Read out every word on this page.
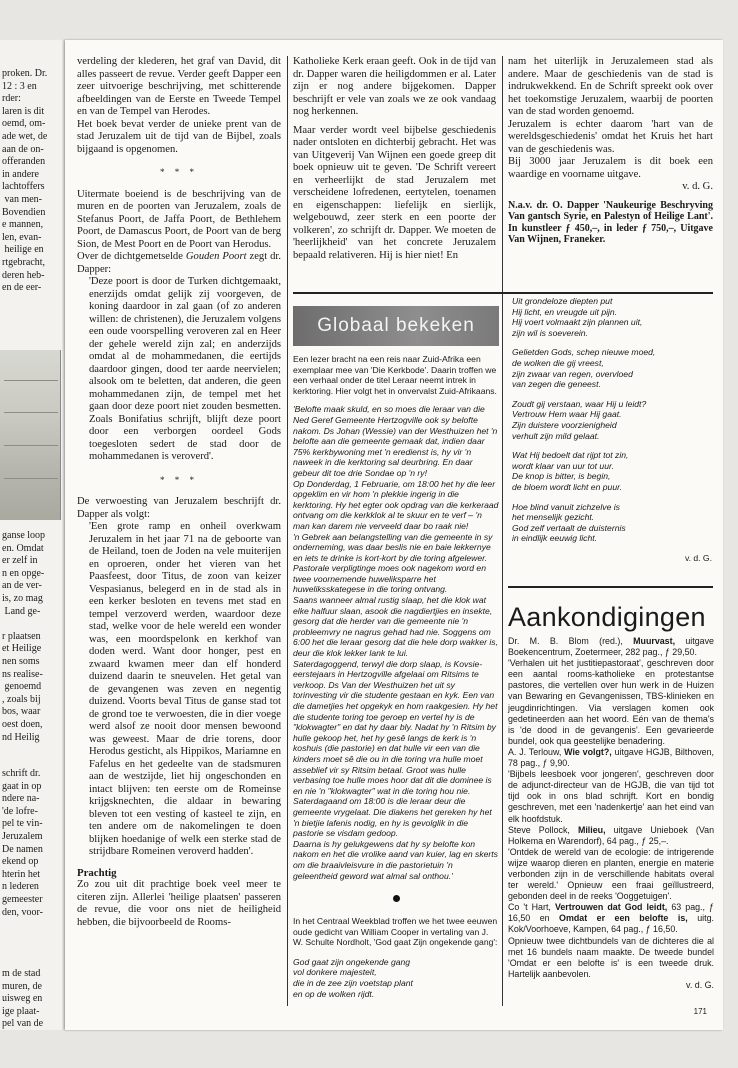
proken. Dr.
12 : 3 en
rder:
laren is dit
oemd, om-
ade wet, de
aan de on-
offeranden
in andere
lachtoffers
van men-
Bovendien
e mannen,
len, evan-
heilige en
rtgebracht,
deren heb-
en de eer-
ganse loop
en. Omdat
er zelf in
n en opge-
an de ver-
is, zo mag
Land ge-

r plaatsen
et Heilige
nen soms
ns realise-
genoemd
, zoals bij
bos, waar
oest doen,
nd Heilig
schrift dr.
gaat in op
ndere na-
'de lofre-
pel te vin-
Jeruzalem
De namen
ekend op
hterin het
n lederen
gemeester
den, voor-
m de stad
muren, de
uisweg en
ige plaat-
pel van de

verdeling der klederen, het graf van David, dit alles passeert de revue. Verder geeft Dapper een zeer uitvoerige beschrijving, met schitterende afbeeldingen van de Eerste en Tweede Tempel en van de Tempel van Herodes.

Het boek bevat verder de unieke prent van de stad Jeruzalem uit de tijd van de Bijbel, zoals bijgaand is opgenomen.

* * *

Uitermate boeiend is de beschrijving van de muren en de poorten van Jeruzalem, zoals de Stefanus Poort, de Jaffa Poort, de Bethlehem Poort, de Damascus Poort, de Poort van de berg Sion, de Mest Poort en de Poort van Herodus.

Over de dichtgemetselde Gouden Poort zegt dr. Dapper:

'Deze poort is door de Turken dichtgemaakt, enerzijds omdat gelijk zij voorgeven, de koning daardoor in zal gaan (of zo anderen willen: de christenen), die Jeruzalem volgens een oude voorspelling veroveren zal en Heer der gehele wereld zijn zal; en anderzijds omdat al de mohammedanen, die eertijds daardoor gingen, dood ter aarde neervielen; alsook om te beletten, dat anderen, die geen mohammedanen zijn, de tempel met het gaan door deze poort niet zouden besmetten. Zoals Bonifatius schrijft, blijft deze poort door een verborgen oordeel Gods toegesloten sedert de stad door de mohammedanen is veroverd'.

* * *

De verwoesting van Jeruzalem beschrijft dr. Dapper als volgt:

'Een grote ramp en onheil overkwam Jeruzalem in het jaar 71 na de geboorte van de Heiland, toen de Joden na vele muiterijen en oproeren, onder het vieren van het Paasfeest, door Titus, de zoon van keizer Vespasianus, belegerd en in de stad als in een kerker besloten en tevens met stad en tempel verzoverd werden, waardoor deze stad, welke voor de hele wereld een wonder was, een moordspelonk en kerkhof van doden werd. Want door honger, pest en zwaard kwamen meer dan elf honderd duizend daarin te sneuvelen. Het getal van de gevangenen was zeven en negentig duizend. Voorts beval Titus de ganse stad tot de grond toe te verwoesten, die in dier voege werd alsof ze nooit door mensen bewoond was geweest. Maar de drie torens, door Herodus gesticht, als Hippikos, Mariamne en Fafelus en het gedeelte van de stadsmuren aan de westzijde, liet hij ongeschonden en intact blijven: ten eerste om de Romeinse krijgsknechten, die aldaar in bewaring bleven tot een vesting of kasteel te zijn, en ten andere om de nakomelingen te doen blijken hoedanige of welk een sterke stad de strijdbare Romeinen veroverd hadden'.

Prachtig

Zo zou uit dit prachtige boek veel meer te citeren zijn. Allerlei 'heilige plaatsen' passeren de revue, die voor ons niet de heiligheid hebben, die bijvoorbeeld de Rooms-

Katholieke Kerk eraan geeft. Ook in de tijd van dr. Dapper waren die heiligdommen er al. Later zijn er nog andere bijgekomen. Dapper beschrijft er vele van zoals we ze ook vandaag nog herkennen.

Maar verder wordt veel bijbelse geschiedenis nader ontsloten en dichterbij gebracht. Het was van Uitgeverij Van Wijnen een goede greep dit boek opnieuw uit te geven. 'De Schrift vereert en verheerlijkt de stad Jeruzalem met verscheidene lofredenen, eertytelen, toenamen en eigenschappen: liefelijk en sierlijk, welgebouwd, zeer sterk en een poorte der volkeren', zo schrijft dr. Dapper. We moeten de 'heerlijkheid' van het concrete Jeruzalem bepaald relativeren. Hij is hier niet! En

nam het uiterlijk in Jeruzalemeen stad als andere. Maar de geschiedenis van de stad is indrukwekkend. En de Schrift spreekt ook over het toekomstige Jeruzalem, waarbij de poorten van de stad worden genoemd.

Jeruzalem is echter daarom 'hart van de wereldsgeschiedenis' omdat het Kruis het hart van de geschiedenis was.

Bij 3000 jaar Jeruzalem is dit boek een waardige en voorname uitgave.

v. d. G.

N.a.v. dr. O. Dapper 'Naukeurige Beschryving Van gantsch Syrie, en Palestyn of Heilige Lant'. In kunstleer ƒ 450,–, in leder ƒ 750,–, Uitgave Van Wijnen, Franeker.

Globaal bekeken

Een lezer bracht na een reis naar Zuid-Afrika een exemplaar mee van 'Die Kerkbode'. Daarin troffen we een verhaal onder de titel Leraar neemt intrek in kerktoring. Hier volgt het in onvervalst Zuid-Afrikaans.

'Belofte maak skuld, en so moes die leraar van die Ned Geref Gemeente Hertzogville ook sy belofte nakom. Ds Johan (Wessie) van der Westhuizen het 'n belofte aan die gemeente gemaak dat, indien daar 75% kerkbywoning met 'n eredienst is, hy vir 'n naweek in die kerktoring sal deurbring. En daar gebeur dit toe drie Sondae op 'n ry!

Op Donderdag, 1 Februarie, om 18:00 het hy die leer opgeklim en vir hom 'n plekkie ingerig in die kerktoring. Hy het egter ook opdrag van die kerkeraad ontvang om die kerkklok al te skuur en te verf – 'n man kan darem nie verveeld daar bo raak nie!

'n Gebrek aan belangstelling van die gemeente in sy onderneming, was daar beslis nie en baie lekkernye en iets te drinke is kort-kort by die toring afgelewer.

Pastorale verpligtinge moes ook nagekom word en twee voornemende huweliksparre het huweliksskategese in die toring ontvang.

Saans wanneer almal rustig slaap, het die klok wat elke halfuur slaan, asook die nagdiertjies en insekte, gesorg dat die herder van die gemeente nie 'n probleemvry ne nagrus gehad had nie. Soggens om 6:00 het die leraar gesorg dat die hele dorp wakker is, deur die klok lekker lank te lui.

Saterdagoggend, terwyl die dorp slaap, is Kovsie-eerstejaars in Hertzogville afgelaai om Ritsims te verkoop. Ds Van der Westhuizen het uit sy torinvesting vir die studente gestaan en kyk. Een van die dametjies het opgekyk en hom raakgesien. Hy het die studente toring toe geroep en vertel hy is de "klokwagter" en dat hy daar bly. Nadat hy 'n Ritsim by hulle gekoop het, het hy gesê langs de kerk is 'n koshuis (die pastorie) en dat hulle vir een van die kinders moet sê die ou in die toring vra hulle moet asseblief vir sy Ritsim betaal. Groot was hulle verbasing toe hulle moes hoor dat dit die dominee is en nie 'n "klokwagter" wat in die toring hou nie.

Saterdagaand om 18:00 is die leraar deur die gemeente vrygelaat. Die diakens het gereken hy het 'n bietjie lafenis nodig, en hy is gevolglik in die pastorie se visdam gedoop.

Daarna is hy gelukgewens dat hy sy belofte kon nakom en het die vrolike aand van kuier, lag en skerts om die braaivleisvure in die pastorietuin 'n geleentheid geword wat almal sal onthou.'

In het Centraal Weekblad troffen we het twee eeuwen oude gedicht van William Cooper in vertaling van J. W. Schulte Nordholt, 'God gaat Zijn ongekende gang':

God gaat zijn ongekende gang
vol donkere majesteit,
die in de zee zijn voetstap plant
en op de wolken rijdt.

Uit grondeloze diepten put
Hij licht, en vreugde uit pijn.
Hij voert volmaakt zijn plannen uit,
zijn wil is soeverein.

Gelietden Gods, schep nieuwe moed,
de wolken die gij vreest,
zijn zwaar van regen, overvloed
van zegen die geneest.

Zoudt gij verstaan, waar Hij u leidt?
Vertrouw Hem waar Hij gaat.
Zijn duistere voorzienigheid
verhult zijn mild gelaat.

Wat Hij bedoelt dat rijpt tot zin,
wordt klaar van uur tot uur.
De knop is bitter, is begin,
de bloem wordt licht en puur.

Hoe blind vanuit zichzelve is
het menselijk gezicht.
God zelf vertaalt de duisternis
in eindlijk eeuwig licht.

v. d. G.

Aankondigingen

Dr. M. B. Blom (red.), Muurvast, uitgave Boekencentrum, Zoetermeer, 282 pag., ƒ 29,50.

'Verhalen uit het justitiepastoraat', geschreven door een aantal rooms-katholieke en protestantse pastores, die vertellen over hun werk in de Huizen van Bewaring en Gevangenissen, TBS-klinieken en jeugdinrichtingen. Via verslagen komen ook gedetineerden aan het woord. Eén van de thema's is 'de dood in de gevangenis'. Een gevarieerde bundel, ook qua geestelijke benadering.

A. J. Terlouw, Wie volgt?, uitgave HGJB, Bilthoven, 78 pag., ƒ 9,90.

'Bijbels leesboek voor jongeren', geschreven door de adjunct-directeur van de HGJB, die van tijd tot tijd ook in ons blad schrijft. Kort en bondig geschreven, met een 'nadenkertje' aan het eind van elk hoofdstuk.

Steve Pollock, Milieu, uitgave Unieboek (Van Holkema en Warendorf), 64 pag., ƒ 25,–.

'Ontdek de wereld van de ecologie: de intrigerende wijze waarop dieren en planten, energie en materie verbonden zijn in de verschillende habitats overal ter wereld.' Opnieuw een fraai geïllustreerd, gebonden deel in de reeks 'Ooggetuigen'.

Co 't Hart, Vertrouwen dat God leidt, 63 pag., ƒ 16,50 en Omdat er een belofte is, uitg. Kok/Voorhoeve, Kampen, 64 pag., ƒ 16,50.

Opnieuw twee dichtbundels van de dichteres die al met 16 bundels naam maakte. De tweede bundel 'Omdat er een belofte is' is een tweede druk. Hartelijk aanbevolen.

v. d. G.

171
